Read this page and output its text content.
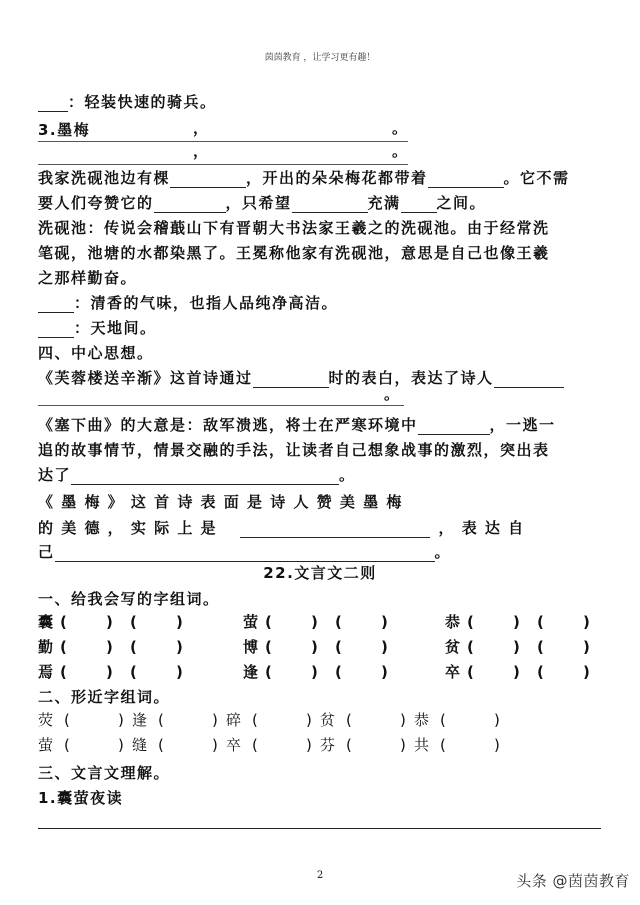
茵茵教育 ，让学习更有趣！
：轻装快速的骑兵。
3.墨梅	，	。
，	。
我家洗砚池边有棵	，开出的朵朵梅花都带着	。它不需
要人们夸赞它的	，只希望	充满 之间。
洗砚池：传说会稽蕺山下有晋朝大书法家王羲之的洗砚池。由于经常洗
笔砚，池塘的水都染黑了。王冕称他家有洗砚池，意思是自己也像王羲
之那样勤奋。
：清香的气味，也指人品纯净高洁。
：天地间。
四、中心思想。
《芙蓉楼送辛渐》这首诗通过	时的表白，表达了诗人
。
《塞下曲》的大意是：敌军溃逃，将士在严寒环境中	，一逃一
追的故事情节，情景交融的手法，让读者自己想象战事的激烈，突出表
达了	。
《 墨 梅 》 这 首 诗 表 面 是 诗 人 赞 美 墨 梅
的 美 德 ， 实 际 上 是	， 表 达 自
己	。
22.文言文二则
一、给我会写的字组词。
囊 (	) (	)	萤 (	) (	)	恭 (	) (	)
勤 (	) (	)	博 (	) (	)	贫 (	) (	)
焉 (	) (	)	逢 (	) (	)	卒 (	) (	)
二、形近字组词。
荧 (	) 逢 (	) 碎 (	) 贫 (	) 恭 (	)
萤 (	) 缝 (	) 卒 (	) 芬 (	) 共 (	)
三、文言文理解。
1.囊萤夜读
2	头条 @茵茵教育
